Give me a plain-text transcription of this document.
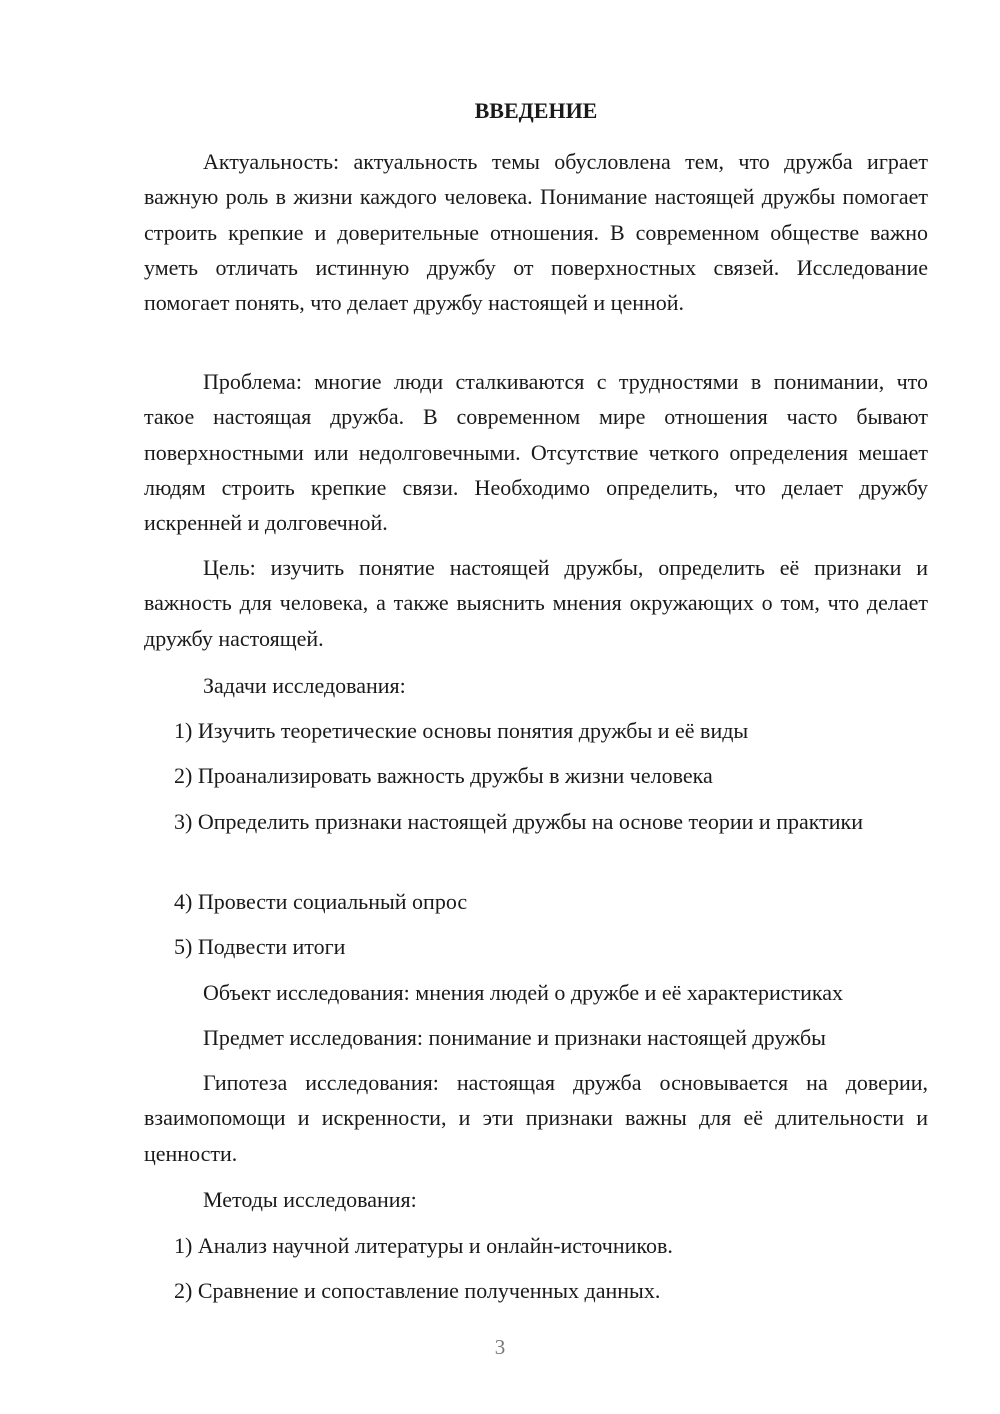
ВВЕДЕНИЕ

Актуальность: актуальность темы обусловлена тем, что дружба играет важную роль в жизни каждого человека. Понимание настоящей дружбы помогает строить крепкие и доверительные отношения. В современном обществе важно уметь отличать истинную дружбу от поверхностных связей. Исследование помогает понять, что делает дружбу настоящей и ценной.

Проблема: многие люди сталкиваются с трудностями в понимании, что такое настоящая дружба. В современном мире отношения часто бывают поверхностными или недолговечными. Отсутствие четкого определения мешает людям строить крепкие связи. Необходимо определить, что делает дружбу искренней и долговечной.

Цель: изучить понятие настоящей дружбы, определить её признаки и важность для человека, а также выяснить мнения окружающих о том, что делает дружбу настоящей.

Задачи исследования:

1) Изучить теоретические основы понятия дружбы и её виды

2) Проанализировать важность дружбы в жизни человека

3) Определить признаки настоящей дружбы на основе теории и практики

4) Провести социальный опрос

5) Подвести итоги

Объект исследования: мнения людей о дружбе и её характеристиках

Предмет исследования: понимание и признаки настоящей дружбы

Гипотеза исследования: настоящая дружба основывается на доверии, взаимопомощи и искренности, и эти признаки важны для её длительности и ценности.

Методы исследования:

1) Анализ научной литературы и онлайн-источников.

2) Сравнение и сопоставление полученных данных.

3
